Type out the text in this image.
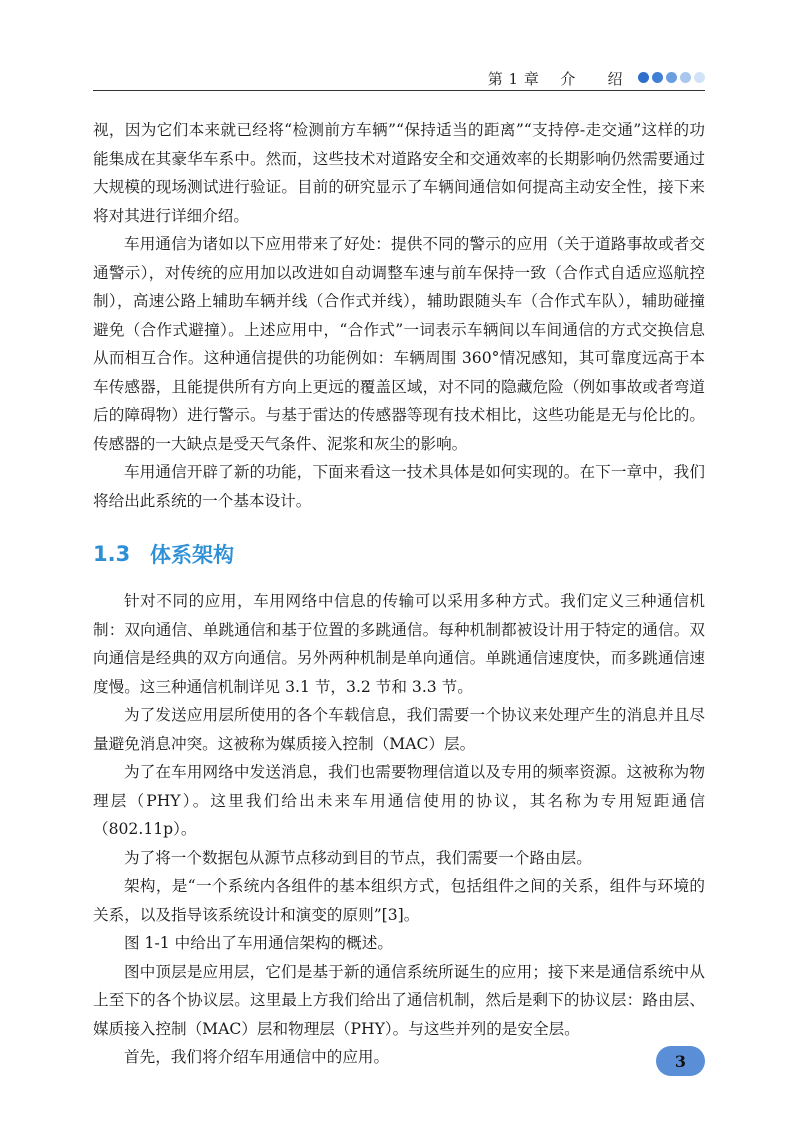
第 1 章    介      绍

视，因为它们本来就已经将“检测前方车辆”“保持适当的距离”“支持停-走交通”这样的功能集成在其豪华车系中。然而，这些技术对道路安全和交通效率的长期影响仍然需要通过大规模的现场测试进行验证。目前的研究显示了车辆间通信如何提高主动安全性，接下来将对其进行详细介绍。

车用通信为诸如以下应用带来了好处：提供不同的警示的应用（关于道路事故或者交通警示），对传统的应用加以改进如自动调整车速与前车保持一致（合作式自适应巡航控制），高速公路上辅助车辆并线（合作式并线），辅助跟随头车（合作式车队），辅助碰撞避免（合作式避撞）。上述应用中，“合作式”一词表示车辆间以车间通信的方式交换信息从而相互合作。这种通信提供的功能例如：车辆周围 360°情况感知，其可靠度远高于本车传感器，且能提供所有方向上更远的覆盖区域，对不同的隐藏危险（例如事故或者弯道后的障碍物）进行警示。与基于雷达的传感器等现有技术相比，这些功能是无与伦比的。传感器的一大缺点是受天气条件、泥浆和灰尘的影响。

车用通信开辟了新的功能，下面来看这一技术具体是如何实现的。在下一章中，我们将给出此系统的一个基本设计。

1.3 体系架构

针对不同的应用，车用网络中信息的传输可以采用多种方式。我们定义三种通信机制：双向通信、单跳通信和基于位置的多跳通信。每种机制都被设计用于特定的通信。双向通信是经典的双方向通信。另外两种机制是单向通信。单跳通信速度快，而多跳通信速度慢。这三种通信机制详见 3.1 节，3.2 节和 3.3 节。

为了发送应用层所使用的各个车载信息，我们需要一个协议来处理产生的消息并且尽量避免消息冲突。这被称为媒质接入控制（MAC）层。

为了在车用网络中发送消息，我们也需要物理信道以及专用的频率资源。这被称为物理层（PHY）。这里我们给出未来车用通信使用的协议，其名称为专用短距通信（802.11p）。

为了将一个数据包从源节点移动到目的节点，我们需要一个路由层。

架构，是“一个系统内各组件的基本组织方式，包括组件之间的关系，组件与环境的关系，以及指导该系统设计和演变的原则”[3]。

图 1-1 中给出了车用通信架构的概述。

图中顶层是应用层，它们是基于新的通信系统所诞生的应用；接下来是通信系统中从上至下的各个协议层。这里最上方我们给出了通信机制，然后是剩下的协议层：路由层、媒质接入控制（MAC）层和物理层（PHY）。与这些并列的是安全层。

首先，我们将介绍车用通信中的应用。	3
